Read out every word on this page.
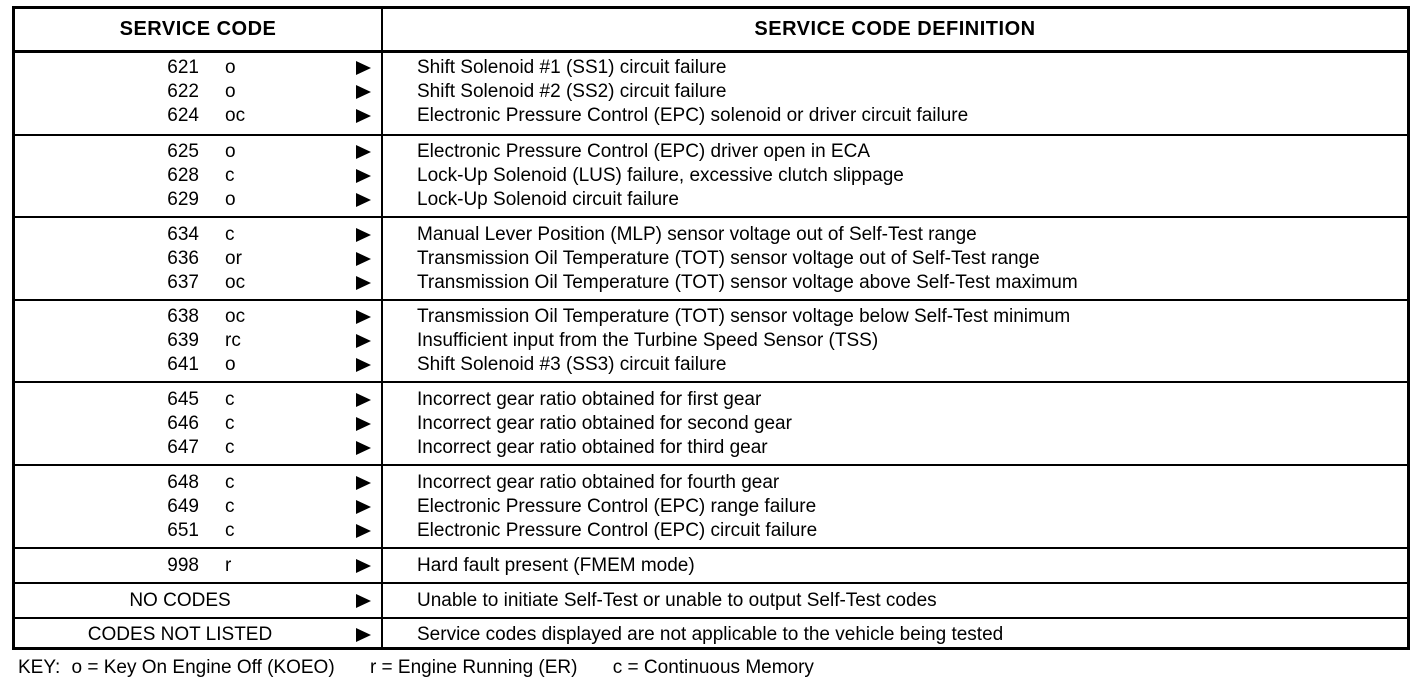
SERVICE CODE	SERVICE CODE DEFINITION
621 o	Shift Solenoid #1 (SS1) circuit failure
622 o	Shift Solenoid #2 (SS2) circuit failure
624 oc	Electronic Pressure Control (EPC) solenoid or driver circuit failure
625 o	Electronic Pressure Control (EPC) driver open in ECA
628 c	Lock-Up Solenoid (LUS) failure, excessive clutch slippage
629 o	Lock-Up Solenoid circuit failure
634 c	Manual Lever Position (MLP) sensor voltage out of Self-Test range
636 or	Transmission Oil Temperature (TOT) sensor voltage out of Self-Test range
637 oc	Transmission Oil Temperature (TOT) sensor voltage above Self-Test maximum
638 oc	Transmission Oil Temperature (TOT) sensor voltage below Self-Test minimum
639 rc	Insufficient input from the Turbine Speed Sensor (TSS)
641 o	Shift Solenoid #3 (SS3) circuit failure
645 c	Incorrect gear ratio obtained for first gear
646 c	Incorrect gear ratio obtained for second gear
647 c	Incorrect gear ratio obtained for third gear
648 c	Incorrect gear ratio obtained for fourth gear
649 c	Electronic Pressure Control (EPC) range failure
651 c	Electronic Pressure Control (EPC) circuit failure
998 r	Hard fault present (FMEM mode)
NO CODES	Unable to initiate Self-Test or unable to output Self-Test codes
CODES NOT LISTED	Service codes displayed are not applicable to the vehicle being tested
KEY: o = Key On Engine Off (KOEO) r = Engine Running (ER) c = Continuous Memory
